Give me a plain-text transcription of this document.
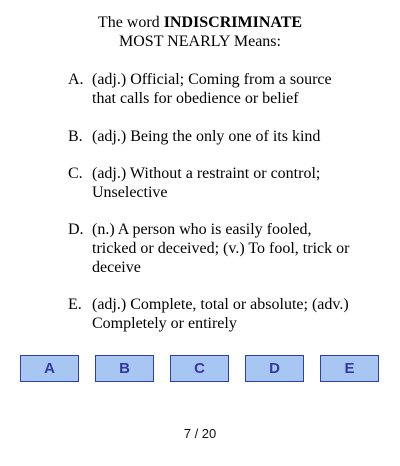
The word INDISCRIMINATE
MOST NEARLY Means:
A. (adj.) Official; Coming from a source that calls for obedience or belief
B. (adj.) Being the only one of its kind
C. (adj.) Without a restraint or control; Unselective
D. (n.) A person who is easily fooled, tricked or deceived; (v.) To fool, trick or deceive
E. (adj.) Complete, total or absolute; (adv.) Completely or entirely
A	B	C	D	E
7 / 20
